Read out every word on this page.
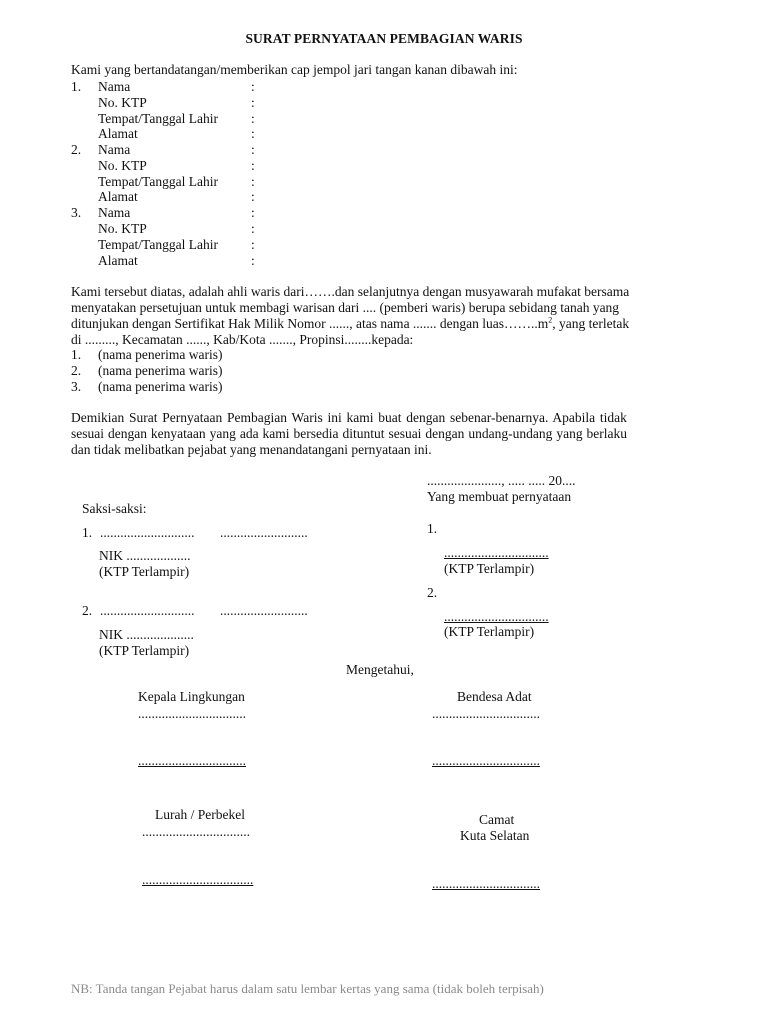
SURAT PERNYATAAN PEMBAGIAN WARIS
Kami yang bertandatangan/memberikan cap jempol jari tangan kanan dibawah ini:
1. Nama
No. KTP
Tempat/Tanggal Lahir
Alamat
:
:
:
:
2. Nama
No. KTP
Tempat/Tanggal Lahir
Alamat
:
:
:
:
3. Nama
No. KTP
Tempat/Tanggal Lahir
Alamat
:
:
:
:
Kami tersebut diatas, adalah ahli waris dari…….dan selanjutnya dengan musyawarah mufakat bersama
menyatakan persetujuan untuk membagi warisan dari .... (pemberi waris) berupa sebidang tanah yang
ditunjukan dengan Sertifikat Hak Milik Nomor ......, atas nama ....... dengan $luas\dots\dots..m^2$, yang terletak
di ........., Kecamatan ......, Kab/Kota ......., Propinsi........kepada:
1. (nama penerima waris)
2. (nama penerima waris)
3. (nama penerima waris)
Demikian Surat Pernyataan Pembagian Waris ini kami buat dengan sebenar-benarnya. Apabila tidak
sesuai dengan kenyataan yang ada kami bersedia dituntut sesuai dengan undang-undang yang berlaku
dan tidak melibatkan pejabat yang menandatangani pernyataan ini.
......................, ..... ..... 20....
Yang membuat pernyataan
1.
...............................
(KTP Terlampir)
2.
...............................
(KTP Terlampir)
Saksi-saksi:
1. ............................ ..........................
NIK ...................
(KTP Terlampir)
2. ............................ ..........................
NIK ....................
(KTP Terlampir)
Mengetahui,
Kepala Lingkungan
................................
................................
Bendesa Adat
................................
................................
Lurah / Perbekel
................................
.................................
Camat
Kuta Selatan
................................
NB: Tanda tangan Pejabat harus dalam satu lembar kertas yang sama (tidak boleh terpisah)
